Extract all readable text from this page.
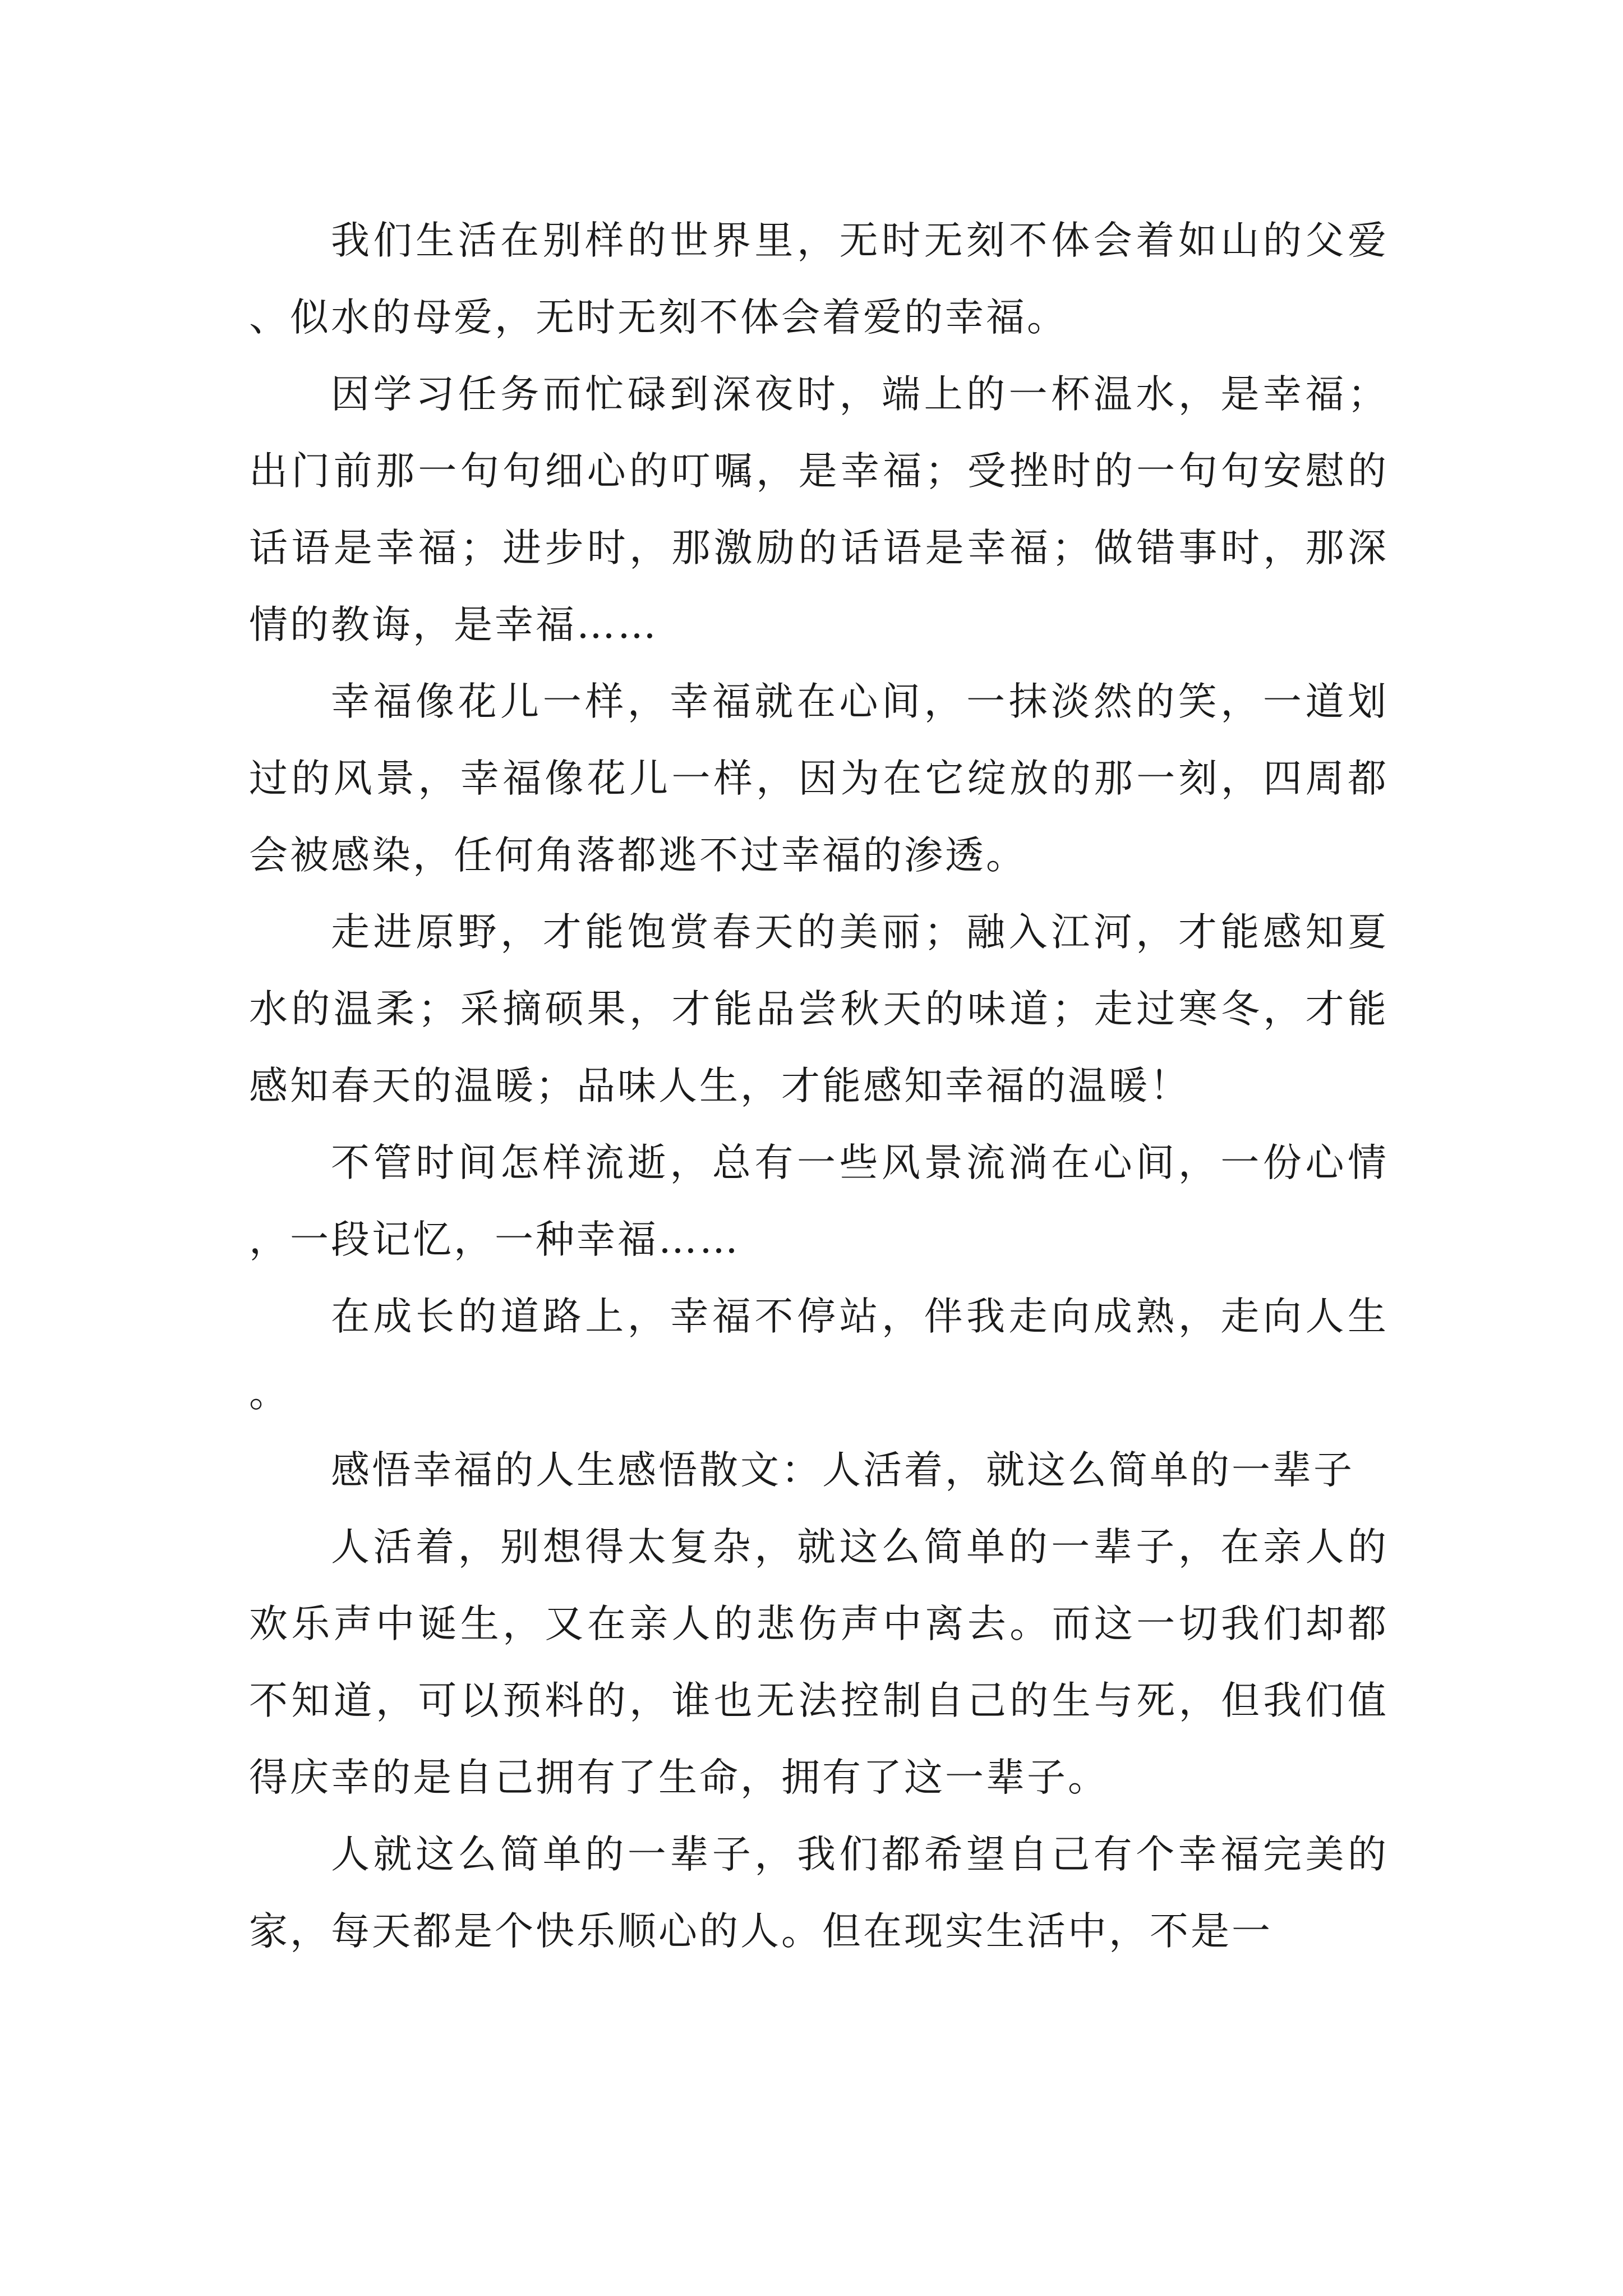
我们生活在别样的世界里，无时无刻不体会着如山的父爱、似水的母爱，无时无刻不体会着爱的幸福。

因学习任务而忙碌到深夜时，端上的一杯温水，是幸福；出门前那一句句细心的叮嘱，是幸福；受挫时的一句句安慰的话语是幸福；进步时，那激励的话语是幸福；做错事时，那深情的教诲，是幸福……

幸福像花儿一样，幸福就在心间，一抹淡然的笑，一道划过的风景，幸福像花儿一样，因为在它绽放的那一刻，四周都会被感染，任何角落都逃不过幸福的渗透。

走进原野，才能饱赏春天的美丽；融入江河，才能感知夏水的温柔；采摘硕果，才能品尝秋天的味道；走过寒冬，才能感知春天的温暖；品味人生，才能感知幸福的温暖！

不管时间怎样流逝，总有一些风景流淌在心间，一份心情，一段记忆，一种幸福……

在成长的道路上，幸福不停站，伴我走向成熟，走向人生。

感悟幸福的人生感悟散文：人活着，就这么简单的一辈子

人活着，别想得太复杂，就这么简单的一辈子，在亲人的欢乐声中诞生，又在亲人的悲伤声中离去。而这一切我们却都不知道，可以预料的，谁也无法控制自己的生与死，但我们值得庆幸的是自己拥有了生命，拥有了这一辈子。

人就这么简单的一辈子，我们都希望自己有个幸福完美的家，每天都是个快乐顺心的人。但在现实生活中，不是一
